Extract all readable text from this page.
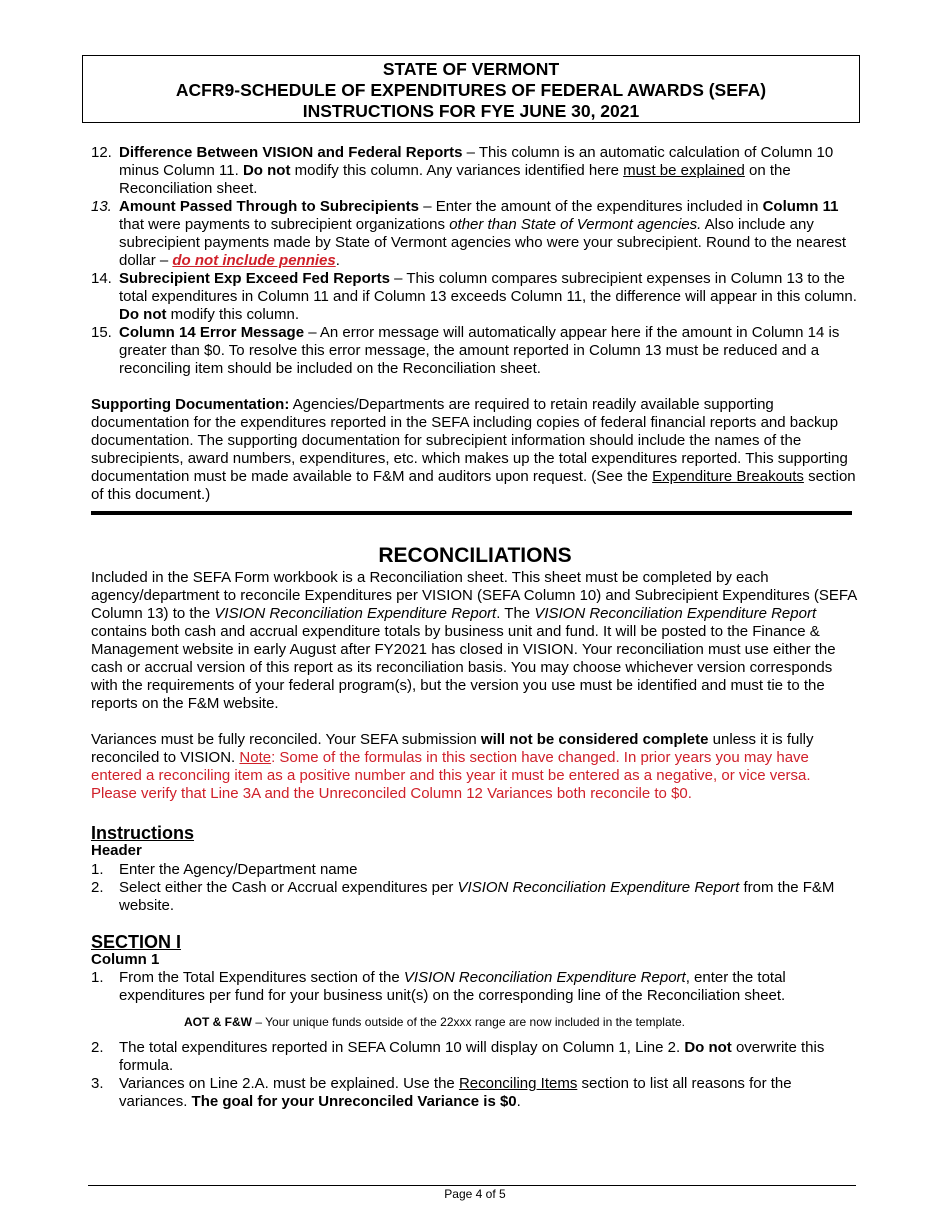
STATE OF VERMONT
ACFR9-SCHEDULE OF EXPENDITURES OF FEDERAL AWARDS (SEFA)
INSTRUCTIONS FOR FYE JUNE 30, 2021
12. Difference Between VISION and Federal Reports – This column is an automatic calculation of Column 10 minus Column 11. Do not modify this column. Any variances identified here must be explained on the Reconciliation sheet.
13. Amount Passed Through to Subrecipients – Enter the amount of the expenditures included in Column 11 that were payments to subrecipient organizations other than State of Vermont agencies. Also include any subrecipient payments made by State of Vermont agencies who were your subrecipient. Round to the nearest dollar – do not include pennies.
14. Subrecipient Exp Exceed Fed Reports – This column compares subrecipient expenses in Column 13 to the total expenditures in Column 11 and if Column 13 exceeds Column 11, the difference will appear in this column. Do not modify this column.
15. Column 14 Error Message – An error message will automatically appear here if the amount in Column 14 is greater than $0. To resolve this error message, the amount reported in Column 13 must be reduced and a reconciling item should be included on the Reconciliation sheet.

Supporting Documentation: Agencies/Departments are required to retain readily available supporting documentation for the expenditures reported in the SEFA including copies of federal financial reports and backup documentation. The supporting documentation for subrecipient information should include the names of the subrecipients, award numbers, expenditures, etc. which makes up the total expenditures reported. This supporting documentation must be made available to F&M and auditors upon request. (See the Expenditure Breakouts section of this document.)

RECONCILIATIONS

Included in the SEFA Form workbook is a Reconciliation sheet. This sheet must be completed by each agency/department to reconcile Expenditures per VISION (SEFA Column 10) and Subrecipient Expenditures (SEFA Column 13) to the VISION Reconciliation Expenditure Report. The VISION Reconciliation Expenditure Report contains both cash and accrual expenditure totals by business unit and fund. It will be posted to the Finance & Management website in early August after FY2021 has closed in VISION. Your reconciliation must use either the cash or accrual version of this report as its reconciliation basis. You may choose whichever version corresponds with the requirements of your federal program(s), but the version you use must be identified and must tie to the reports on the F&M website.

Variances must be fully reconciled. Your SEFA submission will not be considered complete unless it is fully reconciled to VISION. Note: Some of the formulas in this section have changed. In prior years you may have entered a reconciling item as a positive number and this year it must be entered as a negative, or vice versa. Please verify that Line 3A and the Unreconciled Column 12 Variances both reconcile to $0.

Instructions
Header
1. Enter the Agency/Department name
2. Select either the Cash or Accrual expenditures per VISION Reconciliation Expenditure Report from the F&M website.
SECTION I
Column 1
1. From the Total Expenditures section of the VISION Reconciliation Expenditure Report, enter the total expenditures per fund for your business unit(s) on the corresponding line of the Reconciliation sheet.

AOT & F&W – Your unique funds outside of the 22xxx range are now included in the template.

2. The total expenditures reported in SEFA Column 10 will display on Column 1, Line 2. Do not overwrite this formula.
3. Variances on Line 2.A. must be explained. Use the Reconciling Items section to list all reasons for the variances. The goal for your Unreconciled Variance is $0.
Page 4 of 5
